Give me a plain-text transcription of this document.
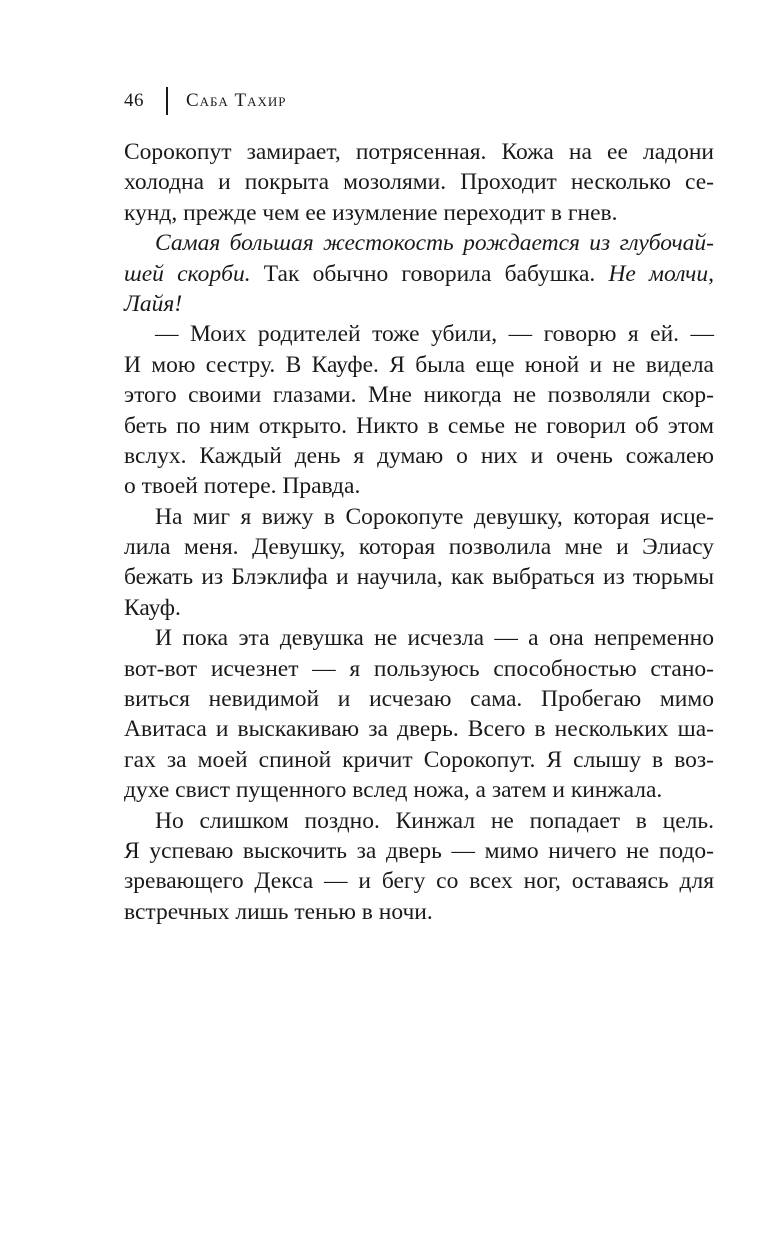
46 Саба Тахир
Сорокопут замирает, потрясенная. Кожа на ее ладони
холодна и покрыта мозолями. Проходит несколько се-
кунд, прежде чем ее изумление переходит в гнев.
Самая большая жестокость рождается из глубочай-
шей скорби. Так обычно говорила бабушка. Не молчи,
Лайя!
— Моих родителей тоже убили, — говорю я ей. —
И мою сестру. В Кауфе. Я была еще юной и не видела
этого своими глазами. Мне никогда не позволяли скор-
беть по ним открыто. Никто в семье не говорил об этом
вслух. Каждый день я думаю о них и очень сожалею
о твоей потере. Правда.
На миг я вижу в Сорокопуте девушку, которая исце-
лила меня. Девушку, которая позволила мне и Элиасу
бежать из Блэклифа и научила, как выбраться из тюрьмы
Кауф.
И пока эта девушка не исчезла — а она непременно
вот-вот исчезнет — я пользуюсь способностью стано-
виться невидимой и исчезаю сама. Пробегаю мимо
Авитаса и выскакиваю за дверь. Всего в нескольких ша-
гах за моей спиной кричит Сорокопут. Я слышу в воз-
духе свист пущенного вслед ножа, а затем и кинжала.
Но слишком поздно. Кинжал не попадает в цель.
Я успеваю выскочить за дверь — мимо ничего не подо-
зревающего Декса — и бегу со всех ног, оставаясь для
встречных лишь тенью в ночи.
